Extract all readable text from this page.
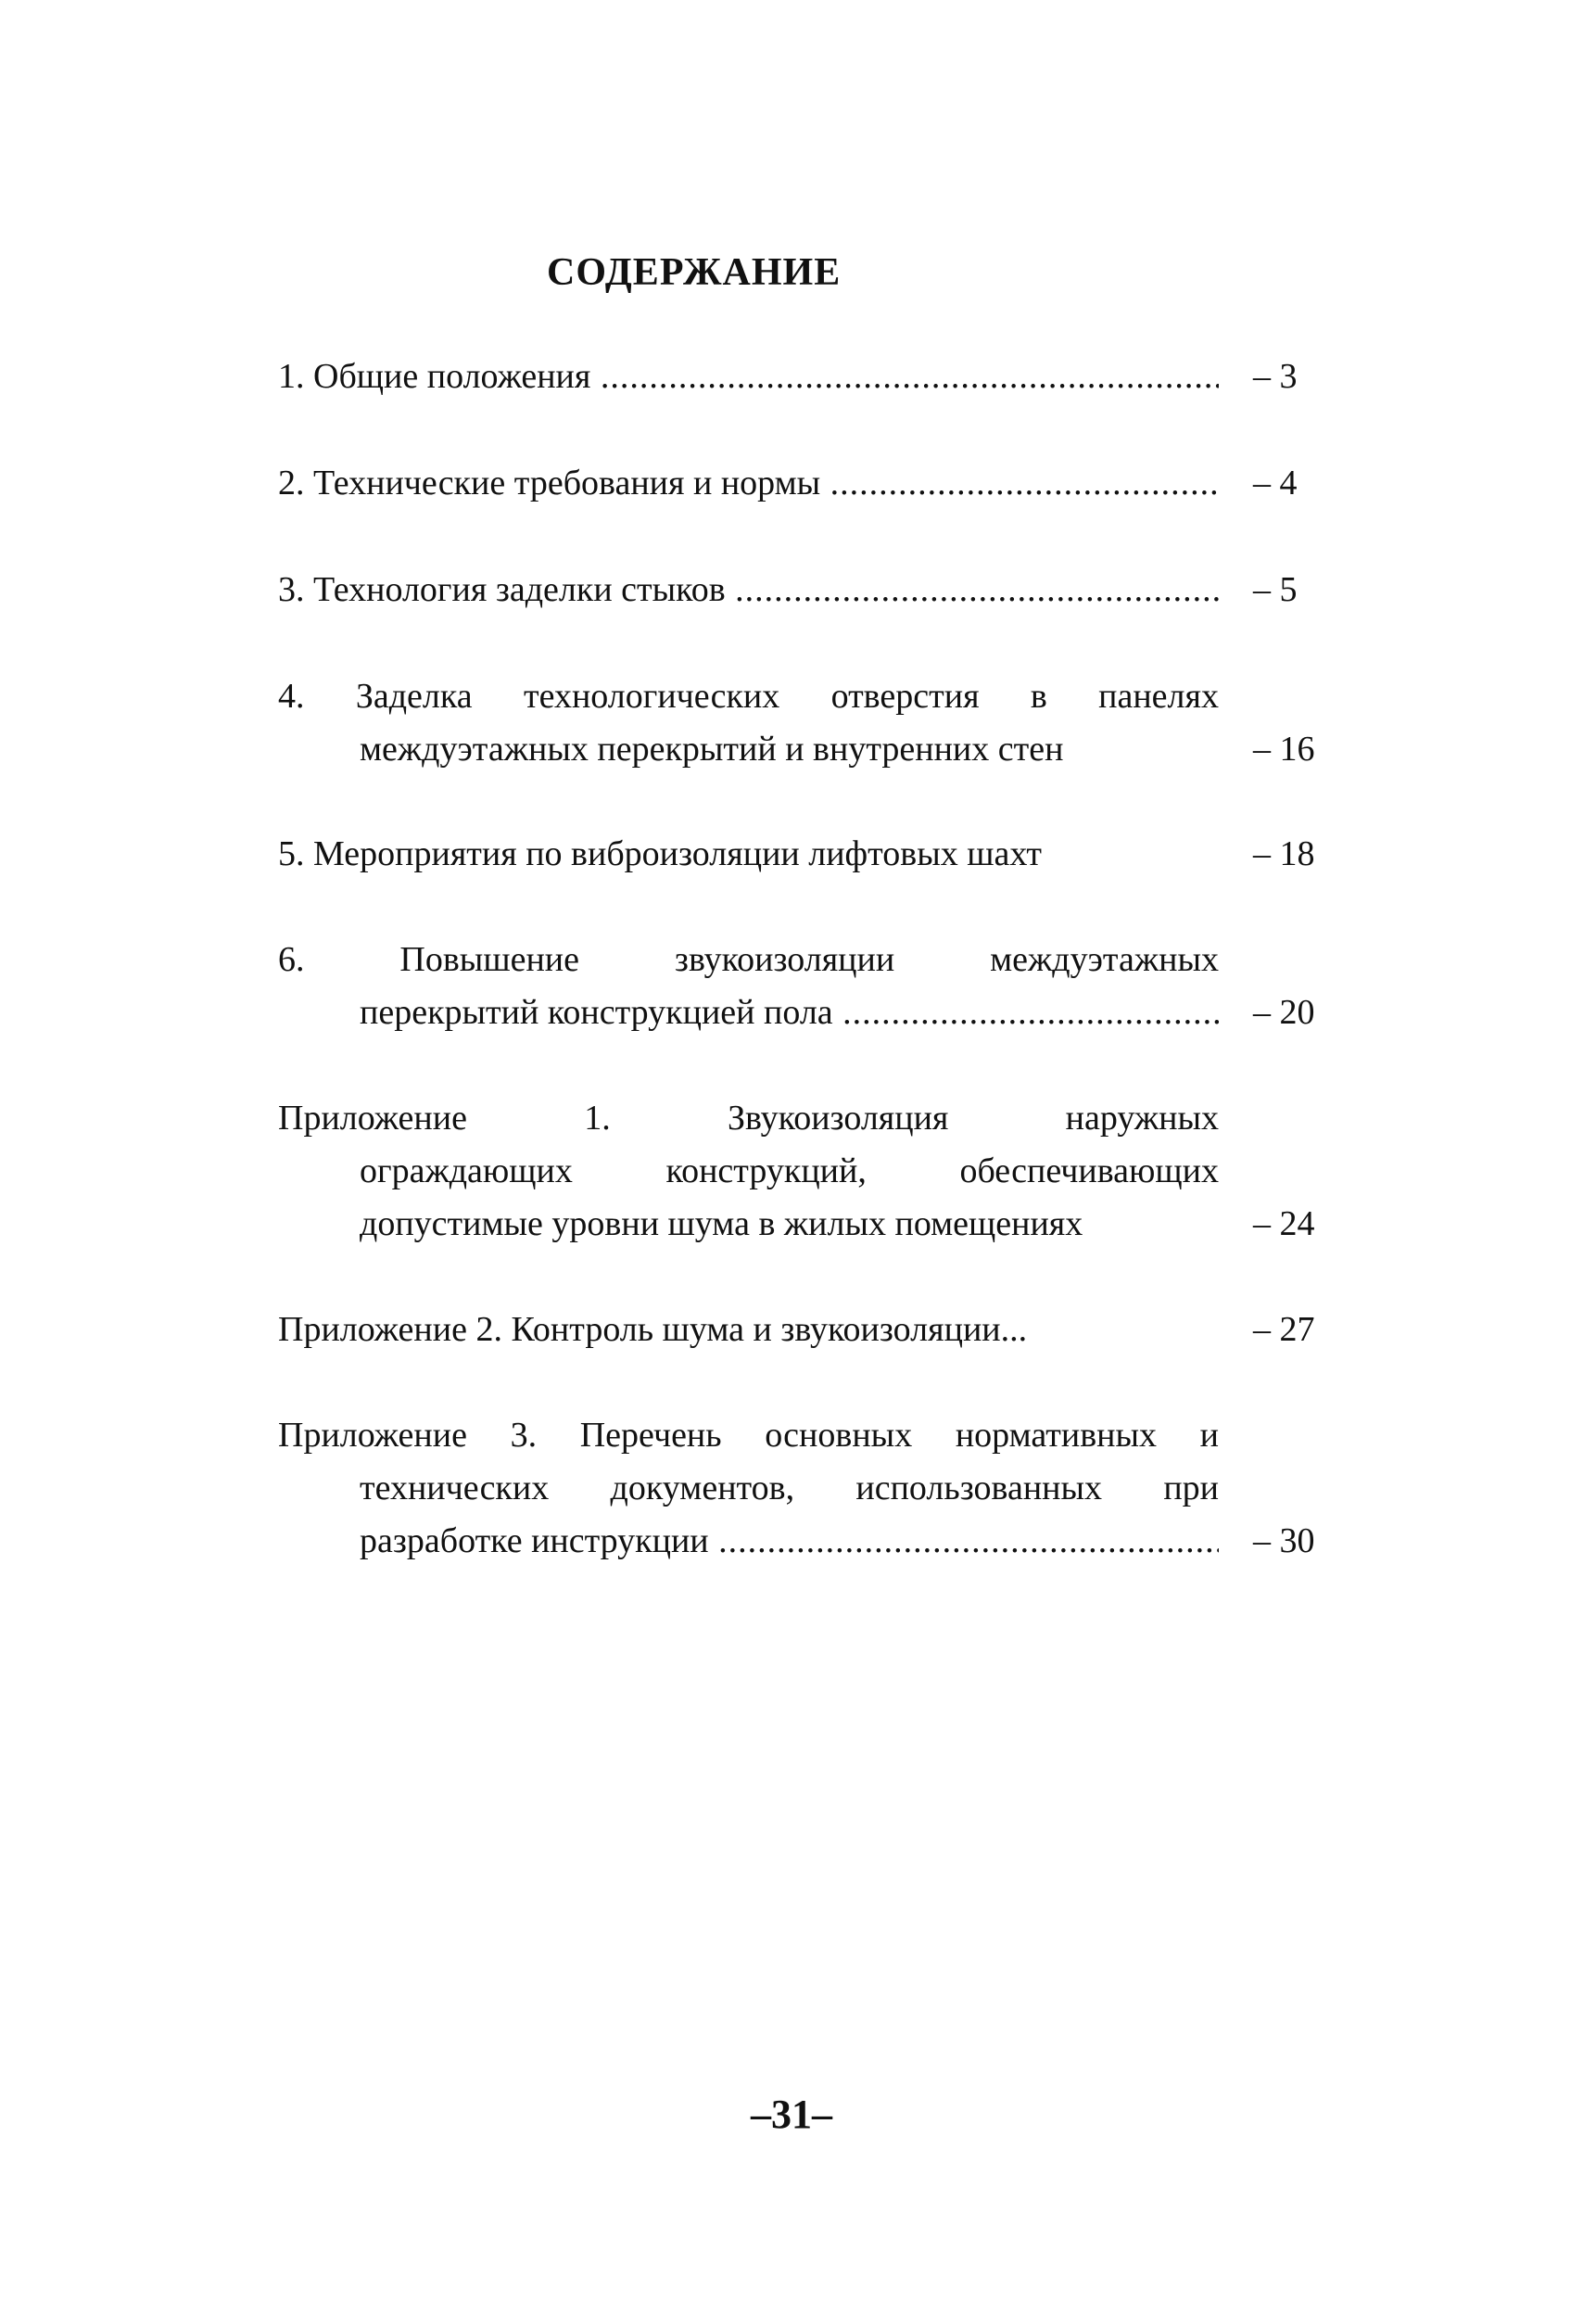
СОДЕРЖАНИЕ
1. Общие положения .....	– 3
2. Технические требования и нормы .....	– 4
3. Технология заделки стыков .....	– 5
4. Заделка технологических отверстия в панелях
междуэтажных перекрытий и внутренних стен	– 16
5. Мероприятия по виброизоляции лифтовых шахт	– 18
6. Повышение звукоизоляции междуэтажных
перекрытий конструкцией пола .....	– 20
Приложение 1. Звукоизоляция наружных
ограждающих конструкций, обеспечивающих
допустимые уровни шума в жилых помещениях	– 24
Приложение 2. Контроль шума и звукоизоляции...	– 27
Приложение 3. Перечень основных нормативных и
технических документов, использованных при
разработке инструкции .....	– 30
–31–
